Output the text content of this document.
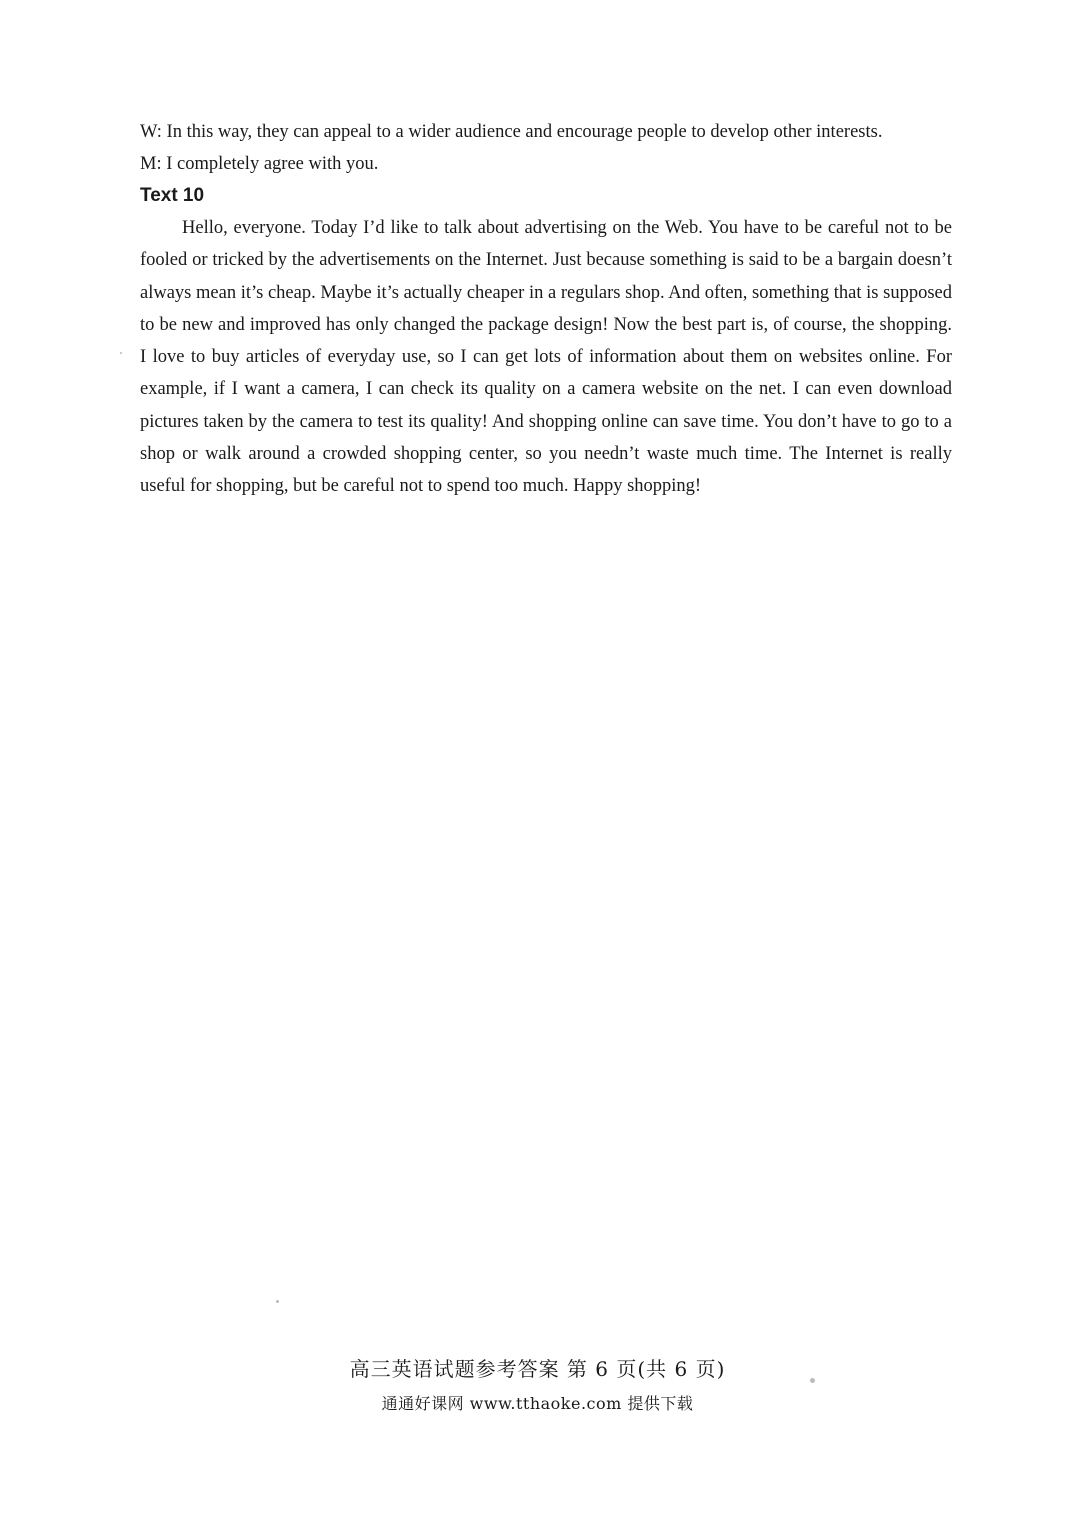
W: In this way, they can appeal to a wider audience and encourage people to develop other interests.

M: I completely agree with you.

Text 10

Hello, everyone. Today I’d like to talk about advertising on the Web. You have to be careful not to be fooled or tricked by the advertisements on the Internet. Just because something is said to be a bargain doesn’t always mean it’s cheap. Maybe it’s actually cheaper in a regulars shop. And often, something that is supposed to be new and improved has only changed the package design! Now the best part is, of course, the shopping. I love to buy articles of everyday use, so I can get lots of information about them on websites online. For example, if I want a camera, I can check its quality on a camera website on the net. I can even download pictures taken by the camera to test its quality! And shopping online can save time. You don’t have to go to a shop or walk around a crowded shopping center, so you needn’t waste much time. The Internet is really useful for shopping, but be careful not to spend too much. Happy shopping!

高三英语试题参考答案 第 6 页(共 6 页)
通通好课网 www.tthaoke.com 提供下载
